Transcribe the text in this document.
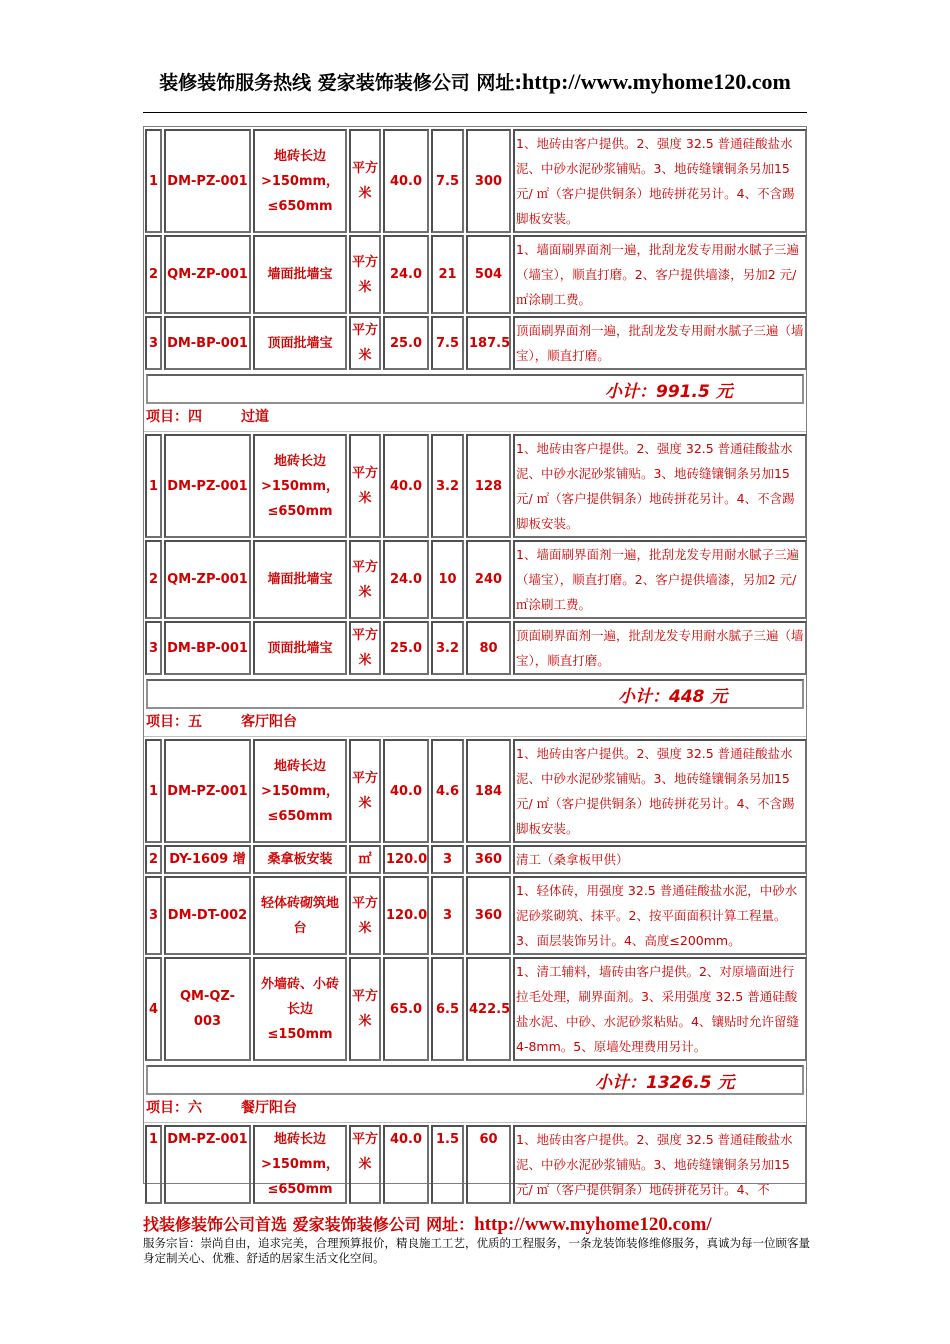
装修装饰服务热线 爱家装饰装修公司 网址:http://www.myhome120.com
1	DM-PZ-001	地砖长边>150mm，≤650mm	平方米	40.0	7.5	300	1、地砖由客户提供。2、强度 32.5 普通硅酸盐水泥、中砂水泥砂浆铺贴。3、地砖缝镶铜条另加15 元/ ㎡（客户提供铜条）地砖拼花另计。4、不含踢脚板安装。
2	QM-ZP-001	墙面批墙宝	平方米	24.0	21	504	1、墙面刷界面剂一遍，批刮龙发专用耐水腻子三遍（墙宝），顺直打磨。2、客户提供墙漆，另加2 元/㎡涂刷工费。
3	DM-BP-001	顶面批墙宝	平方米	25.0	7.5	187.5	顶面刷界面剂一遍，批刮龙发专用耐水腻子三遍（墙宝），顺直打磨。
小计：991.5 元
项目：四        过道
1	DM-PZ-001	地砖长边>150mm，≤650mm	平方米	40.0	3.2	128	1、地砖由客户提供。2、强度 32.5 普通硅酸盐水泥、中砂水泥砂浆铺贴。3、地砖缝镶铜条另加15 元/ ㎡（客户提供铜条）地砖拼花另计。4、不含踢脚板安装。
2	QM-ZP-001	墙面批墙宝	平方米	24.0	10	240	1、墙面刷界面剂一遍，批刮龙发专用耐水腻子三遍（墙宝），顺直打磨。2、客户提供墙漆，另加2 元/㎡涂刷工费。
3	DM-BP-001	顶面批墙宝	平方米	25.0	3.2	80	顶面刷界面剂一遍，批刮龙发专用耐水腻子三遍（墙宝），顺直打磨。
小计：448 元
项目：五        客厅阳台
1	DM-PZ-001	地砖长边>150mm，≤650mm	平方米	40.0	4.6	184	1、地砖由客户提供。2、强度 32.5 普通硅酸盐水泥、中砂水泥砂浆铺贴。3、地砖缝镶铜条另加15 元/ ㎡（客户提供铜条）地砖拼花另计。4、不含踢脚板安装。
2	DY-1609 增	桑拿板安装	㎡	120.0	3	360	清工（桑拿板甲供）
3	DM-DT-002	轻体砖砌筑地台	平方米	120.0	3	360	1、轻体砖，用强度 32.5 普通硅酸盐水泥，中砂水泥砂浆砌筑、抹平。2、按平面面积计算工程量。3、面层装饰另计。4、高度≤200mm。
4	QM-QZ-003	外墙砖、小砖长边≤150mm	平方米	65.0	6.5	422.5	1、清工辅料，墙砖由客户提供。2、对原墙面进行拉毛处理，刷界面剂。3、采用强度 32.5 普通硅酸盐水泥、中砂、水泥砂浆粘贴。4、镶贴时允许留缝 4-8mm。5、原墙处理费用另计。
小计：1326.5 元
项目：六        餐厅阳台
1	DM-PZ-001	地砖长边>150mm，≤650mm	平方米	40.0	1.5	60	1、地砖由客户提供。2、强度 32.5 普通硅酸盐水泥、中砂水泥砂浆铺贴。3、地砖缝镶铜条另加15 元/ ㎡（客户提供铜条）地砖拼花另计。4、不
找装修装饰公司首选 爱家装饰装修公司 网址：http://www.myhome120.com/
服务宗旨：崇尚自由，追求完美，合理预算报价，精良施工工艺，优质的工程服务，一条龙装饰装修维修服务，真诚为每一位顾客量身定制关心、优雅、舒适的居家生活文化空间。
